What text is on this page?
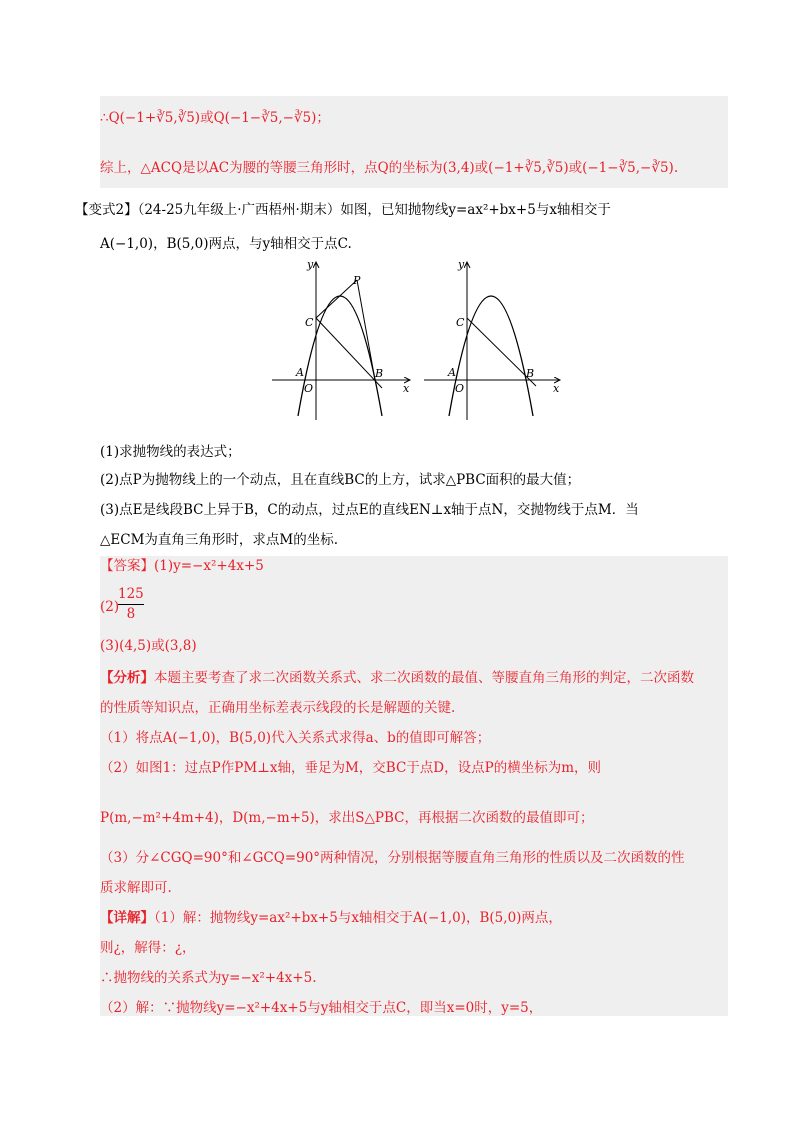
∴Q(−1+∛5,∛5)或Q(−1−∛5,−∛5)；
综上，△ACQ是以AC为腰的等腰三角形时，点Q的坐标为(3,4)或(−1+∛5,∛5)或(−1−∛5,−∛5).
【变式2】（24-25九年级上·广西梧州·期末）如图，已知抛物线y=ax²+bx+5与x轴相交于
A(−1,0)，B(5,0)两点，与y轴相交于点C.
y
x
O
A	B
C
P
y
x
O
A	B
C
(1)求抛物线的表达式；
(2)点P为抛物线上的一个动点，且在直线BC的上方，试求△PBC面积的最大值；
(3)点E是线段BC上异于B，C的动点，过点E的直线EN⊥x轴于点N，交抛物线于点M．当
△ECM为直角三角形时，求点M的坐标.
【答案】(1)y=−x²+4x+5
(2)
125
8
(3)(4,5)或(3,8)
【分析】本题主要考查了求二次函数关系式、求二次函数的最值、等腰直角三角形的判定，二次函数
的性质等知识点，正确用坐标差表示线段的长是解题的关键.
（1）将点A(−1,0)，B(5,0)代入关系式求得a、b的值即可解答；
（2）如图1：过点P作PM⊥x轴，垂足为M，交BC于点D，设点P的横坐标为m，则
P(m,−m²+4m+4)，D(m,−m+5)，求出S△PBC，再根据二次函数的最值即可；
（3）分∠CGQ=90°和∠GCQ=90°两种情况，分别根据等腰直角三角形的性质以及二次函数的性
质求解即可.
【详解】（1）解：抛物线y=ax²+bx+5与x轴相交于A(−1,0)，B(5,0)两点，
则¿，解得：¿，
∴抛物线的关系式为y=−x²+4x+5.
（2）解：∵抛物线y=−x²+4x+5与y轴相交于点C，即当x=0时，y=5，
